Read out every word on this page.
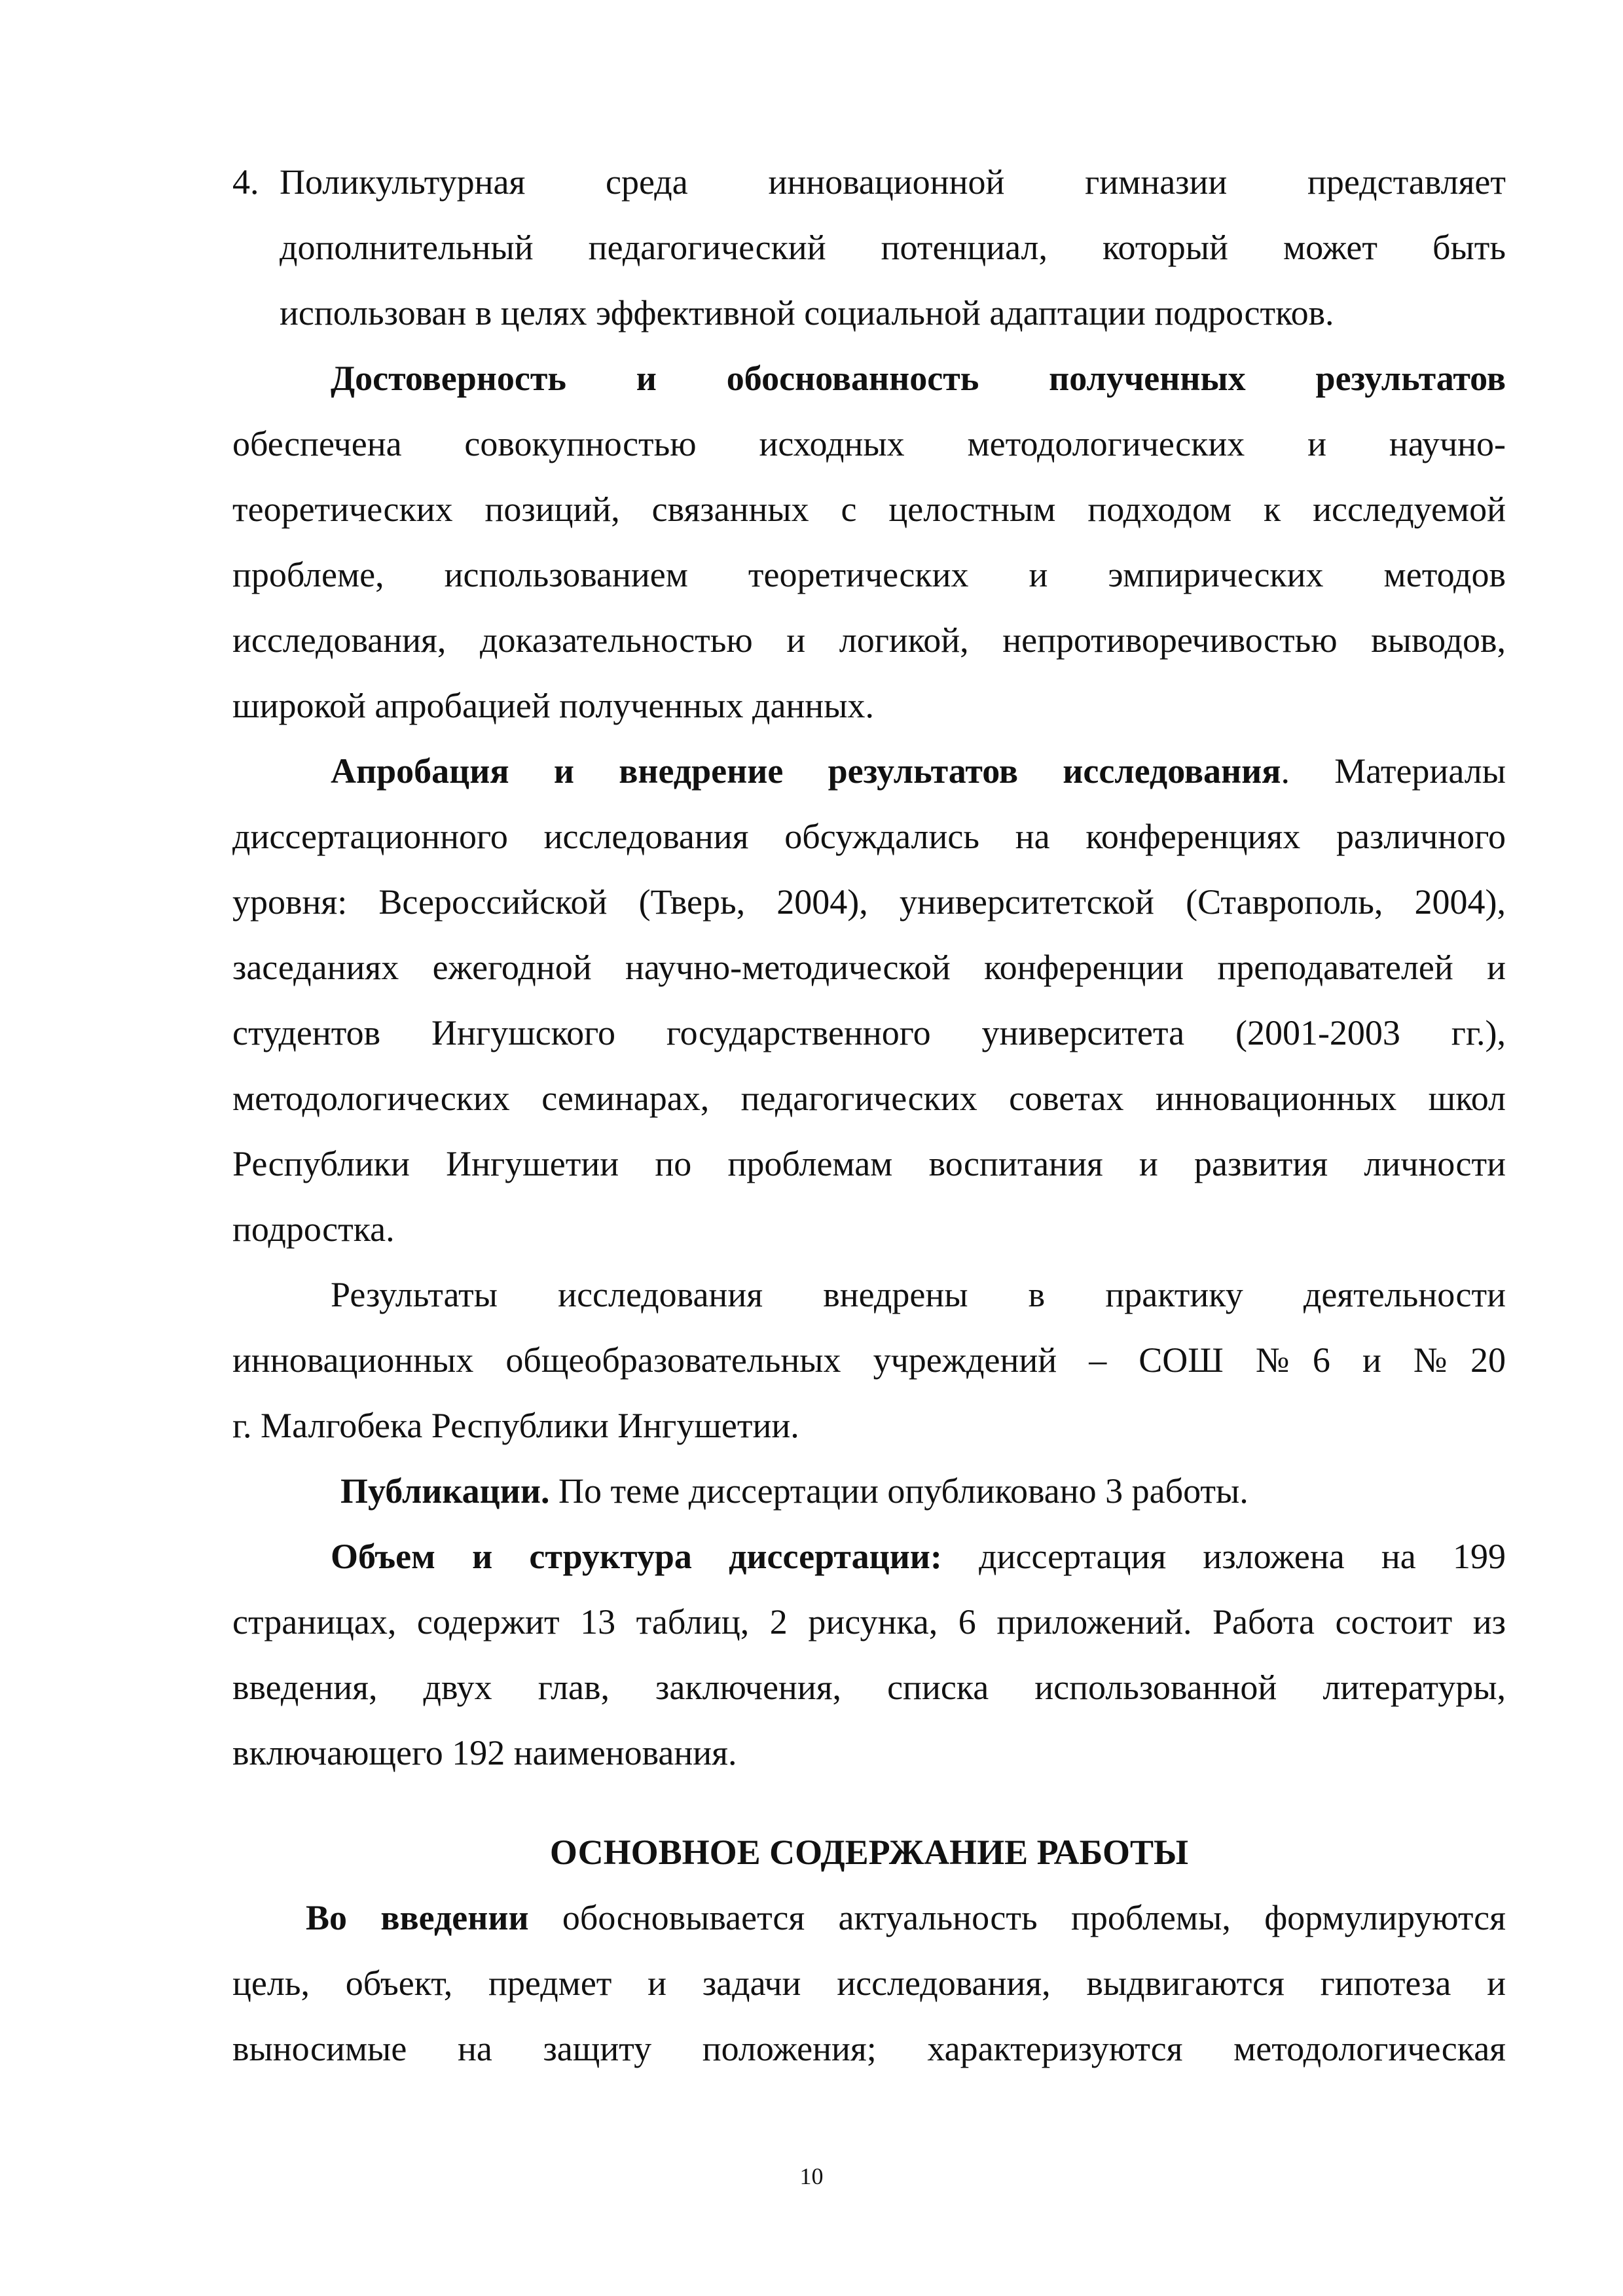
4. Поликультурная среда инновационной гимназии представляет
дополнительный педагогический потенциал, который может быть
использован в целях эффективной социальной адаптации подростков.
Достоверность и обоснованность полученных результатов
обеспечена совокупностью исходных методологических и научно-
теоретических позиций, связанных с целостным подходом к исследуемой
проблеме, использованием теоретических и эмпирических методов
исследования, доказательностью и логикой, непротиворечивостью выводов,
широкой апробацией полученных данных.
Апробация и внедрение результатов исследования. Материалы
диссертационного исследования обсуждались на конференциях различного
уровня: Всероссийской (Тверь, 2004), университетской (Ставрополь, 2004),
заседаниях ежегодной научно-методической конференции преподавателей и
студентов Ингушского государственного университета (2001-2003 гг.),
методологических семинарах, педагогических советах инновационных школ
Республики Ингушетии по проблемам воспитания и развития личности
подростка.
Результаты исследования внедрены в практику деятельности
инновационных общеобразовательных учреждений – СОШ №6 и №20
г. Малгобека Республики Ингушетии.
Публикации. По теме диссертации опубликовано 3 работы.
Объем и структура диссертации: диссертация изложена на 199
страницах, содержит 13 таблиц, 2 рисунка, 6 приложений. Работа состоит из
введения, двух глав, заключения, списка использованной литературы,
включающего 192 наименования.
ОСНОВНОЕ СОДЕРЖАНИЕ РАБОТЫ
Во введении обосновывается актуальность проблемы, формулируются
цель, объект, предмет и задачи исследования, выдвигаются гипотеза и
выносимые на защиту положения; характеризуются методологическая
10
